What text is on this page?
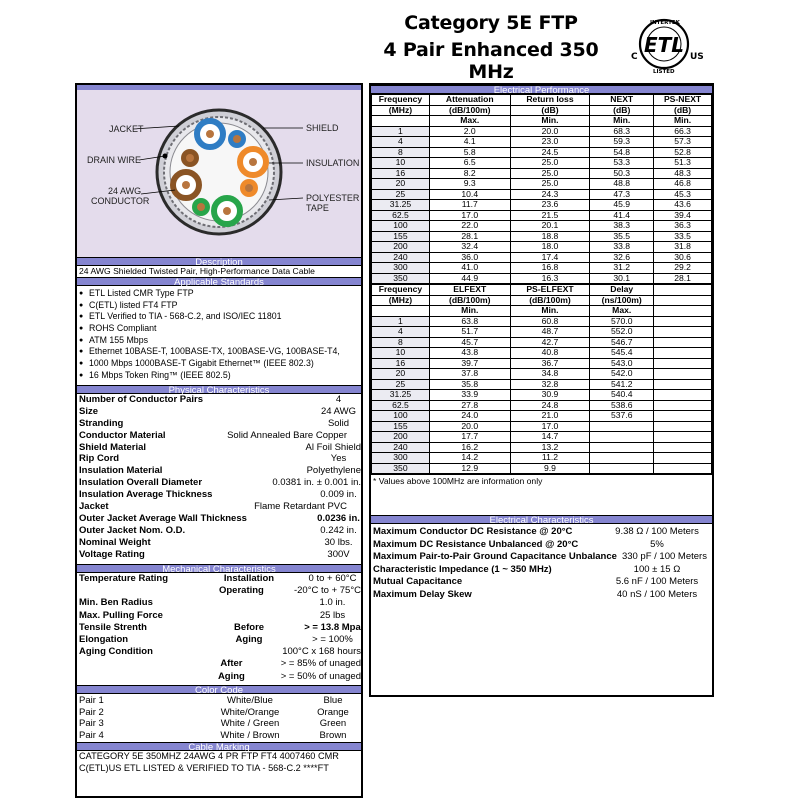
Category 5E FTP
4 Pair Enhanced 350 MHz
ETL
INTERTEK
LISTED
C	US
JACKET
DRAIN WIRE
24 AWG
CONDUCTOR
SHIELD
INSULATION
POLYESTER
TAPE
Description
24 AWG Shielded Twisted Pair, High-Performance Data Cable
Applicable Standards
● ETL Listed CMR Type FTP
● C(ETL) listed FT4 FTP
● ETL Verified to TIA - 568-C.2, and ISO/IEC 11801
● ROHS Compliant
● ATM 155 Mbps
● Ethernet 10BASE-T, 100BASE-TX, 100BASE-VG, 100BASE-T4,
● 1000 Mbps 1000BASE-T Gigabit Ethernet™ (IEEE 802.3)
● 16 Mbps Token Ring™ (IEEE 802.5)
Physical Characteristics
Number of Conductor Pairs	4
Size	24 AWG
Stranding	Solid
Conductor Material	Solid Annealed Bare Copper
Shield Material	Al Foil Shield
Rip Cord	Yes
Insulation Material	Polyethylene
Insulation Overall Diameter	0.0381 in. ± 0.001 in.
Insulation Average Thickness	0.009 in.
Jacket	Flame Retardant PVC
Outer Jacket Average Wall Thickness	0.0236 in.
Outer Jacket Nom. O.D.	0.242 in.
Nominal Weight	30 lbs.
Voltage Rating	300V
Mechanical Characteristics
Temperature Rating	Installation	0 to + 60°C
Operating	-20°C to + 75°C
Min. Ben Radius	1.0 in.
Max. Pulling Force	25 lbs
Tensile Strenth	Before	> = 13.8 Mpa
Elongation	Aging	> = 100%
Aging Condition	100°C x 168 hours
After	> = 85% of unaged
Aging	> = 50% of unaged
Color Code
Pair 1	White/Blue	Blue
Pair 2	White/Orange	Orange
Pair 3	White / Green	Green
Pair 4	White / Brown	Brown
Cable Marking
CATEGORY 5E 350MHZ 24AWG 4 PR FTP FT4 4007460 CMR
C(ETL)US ETL LISTED & VERIFIED TO TIA - 568-C.2 ****FT
Electrical Performance
Frequency	Attenuation	Return loss	NEXT	PS-NEXT
(MHz)	(dB/100m)	(dB)	(dB)	(dB)
	Max.	Min.	Min.	Min.
1	2.0	20.0	68.3	66.3
4	4.1	23.0	59.3	57.3
8	5.8	24.5	54.8	52.8
10	6.5	25.0	53.3	51.3
16	8.2	25.0	50.3	48.3
20	9.3	25.0	48.8	46.8
25	10.4	24.3	47.3	45.3
31.25	11.7	23.6	45.9	43.6
62.5	17.0	21.5	41.4	39.4
100	22.0	20.1	38.3	36.3
155	28.1	18.8	35.5	33.5
200	32.4	18.0	33.8	31.8
240	36.0	17.4	32.6	30.6
300	41.0	16.8	31.2	29.2
350	44.9	16.3	30.1	28.1
Frequency	ELFEXT	PS-ELFEXT	Delay	
(MHz)	(dB/100m)	(dB/100m)	(ns/100m)	
	Min.	Min.	Max.	
1	63.8	60.8	570.0	
4	51.7	48.7	552.0	
8	45.7	42.7	546.7	
10	43.8	40.8	545.4	
16	39.7	36.7	543.0	
20	37.8	34.8	542.0	
25	35.8	32.8	541.2	
31.25	33.9	30.9	540.4	
62.5	27.8	24.8	538.6	
100	24.0	21.0	537.6	
155	20.0	17.0		
200	17.7	14.7		
240	16.2	13.2		
300	14.2	11.2		
350	12.9	9.9		
* Values above 100MHz are information only
Electrical Characteristics
Maximum Conductor DC Resistance @ 20°C	9.38 Ω / 100 Meters
Maximum DC Resistance Unbalanced @ 20°C	5%
Maximum Pair-to-Pair Ground Capacitance Unbalance 330 pF / 100 Meters
Characteristic Impedance (1 ~ 350 MHz)	100 ± 15 Ω
Mutual Capacitance	5.6 nF / 100 Meters
Maximum Delay Skew	40 nS / 100 Meters
